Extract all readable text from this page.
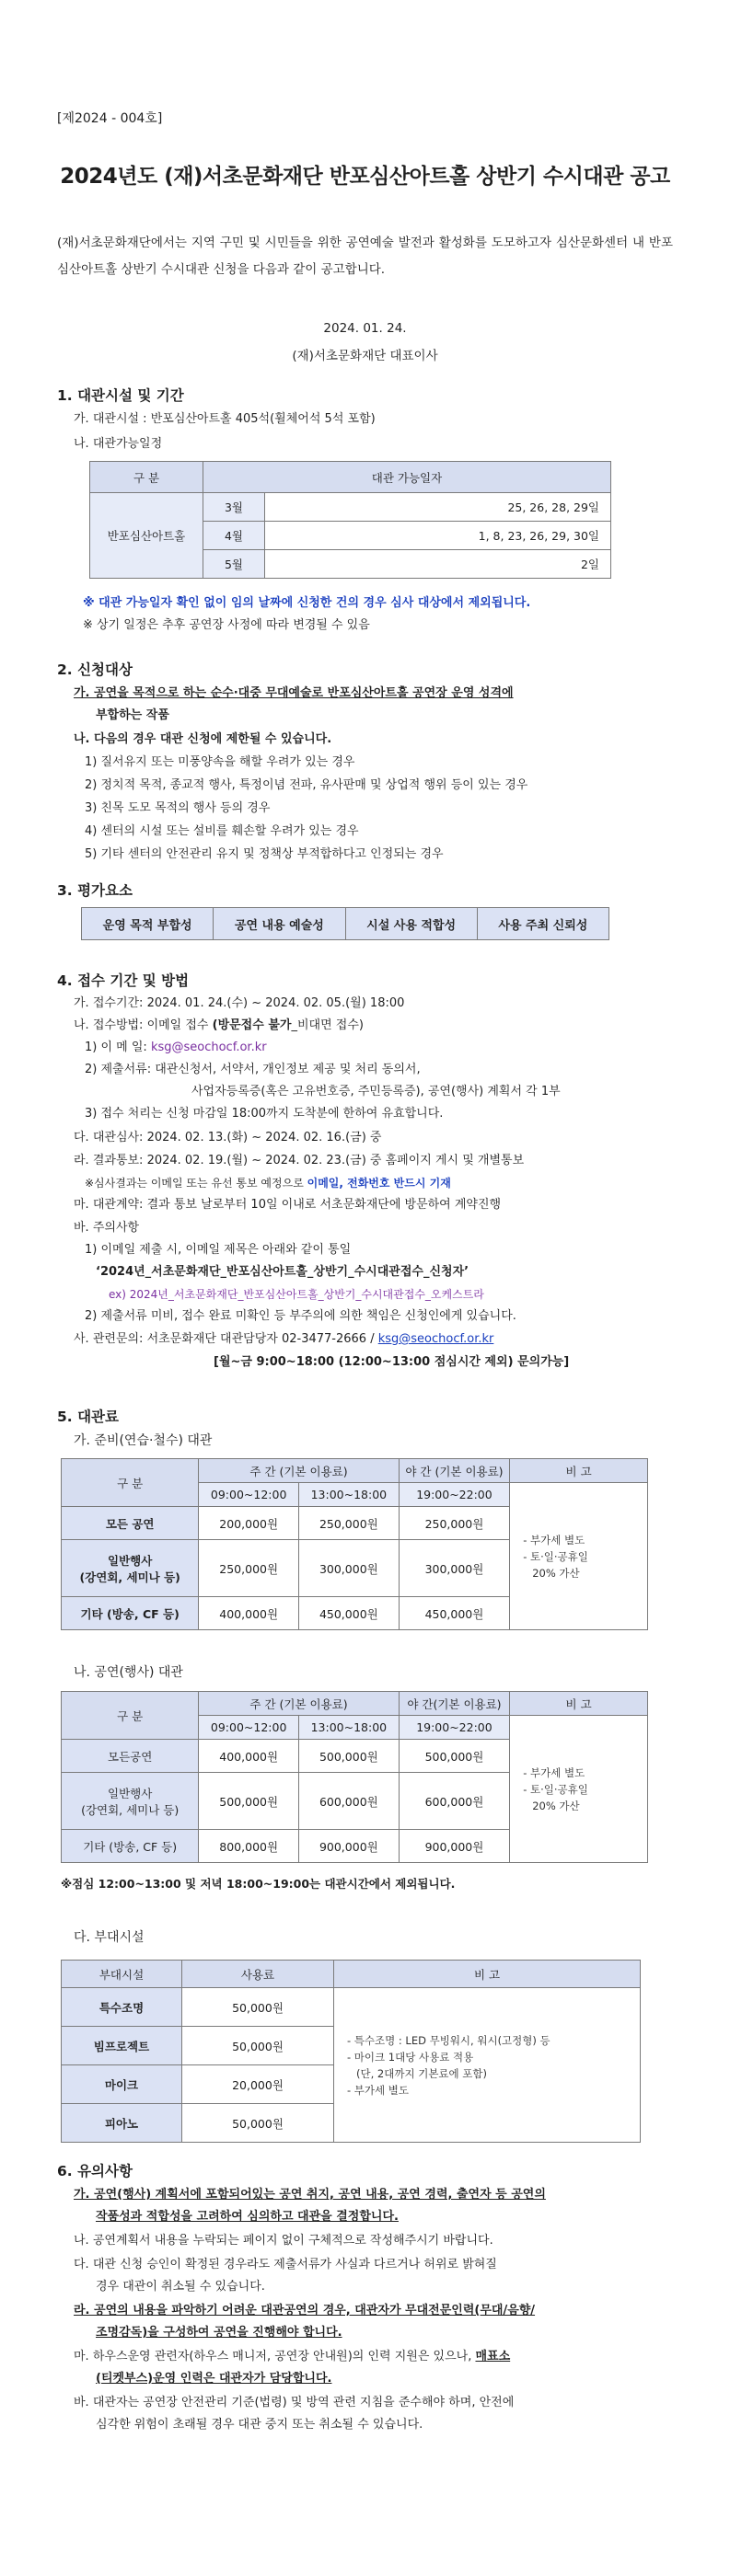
[제2024 - 004호]
2024년도 (재)서초문화재단 반포심산아트홀 상반기 수시대관 공고
(재)서초문화재단에서는 지역 구민 및 시민들을 위한 공연예술 발전과 활성화를 도모하고자 심산문화센터 내 반포심산아트홀 상반기 수시대관 신청을 다음과 같이 공고합니다.
2024. 01. 24.
(재)서초문화재단 대표이사
1. 대관시설 및 기간
가. 대관시설 : 반포심산아트홀 405석(휠체어석 5석 포함)
나. 대관가능일정
구 분	대관 가능일자	
반포심산아트홀	3월	25, 26, 28, 29일
	4월	1, 8, 23, 26, 29, 30일
	5월	2일
※ 대관 가능일자 확인 없이 임의 날짜에 신청한 건의 경우 심사 대상에서 제외됩니다.
※ 상기 일정은 추후 공연장 사정에 따라 변경될 수 있음
2. 신청대상
가. 공연을 목적으로 하는 순수·대중 무대예술로 반포심산아트홀 공연장 운영 성격에
부합하는 작품
나. 다음의 경우 대관 신청에 제한될 수 있습니다.
1) 질서유지 또는 미풍양속을 해할 우려가 있는 경우
2) 정치적 목적, 종교적 행사, 특정이념 전파, 유사판매 및 상업적 행위 등이 있는 경우
3) 친목 도모 목적의 행사 등의 경우
4) 센터의 시설 또는 설비를 훼손할 우려가 있는 경우
5) 기타 센터의 안전관리 유지 및 정책상 부적합하다고 인정되는 경우
3. 평가요소
운영 목적 부합성	공연 내용 예술성	시설 사용 적합성	사용 주최 신뢰성
4. 접수 기간 및 방법
가. 접수기간: 2024. 01. 24.(수) ~ 2024. 02. 05.(월) 18:00
나. 접수방법: 이메일 접수 (방문접수 불가_비대면 접수)
1) 이 메 일: ksg@seochocf.or.kr
2) 제출서류: 대관신청서, 서약서, 개인정보 제공 및 처리 동의서,
사업자등록증(혹은 고유번호증, 주민등록증), 공연(행사) 계획서 각 1부
3) 접수 처리는 신청 마감일 18:00까지 도착분에 한하여 유효합니다.
다. 대관심사: 2024. 02. 13.(화) ~ 2024. 02. 16.(금) 중
라. 결과통보: 2024. 02. 19.(월) ~ 2024. 02. 23.(금) 중 홈페이지 게시 및 개별통보
※심사결과는 이메일 또는 유선 통보 예정으로 이메일, 전화번호 반드시 기재
마. 대관계약: 결과 통보 날로부터 10일 이내로 서초문화재단에 방문하여 계약진행
바. 주의사항
1) 이메일 제출 시, 이메일 제목은 아래와 같이 통일
‘2024년_서초문화재단_반포심산아트홀_상반기_수시대관접수_신청자’
ex) 2024년_서초문화재단_반포심산아트홀_상반기_수시대관접수_오케스트라
2) 제출서류 미비, 접수 완료 미확인 등 부주의에 의한 책임은 신청인에게 있습니다.
사. 관련문의: 서초문화재단 대관담당자 02-3477-2666 / ksg@seochocf.or.kr
[월~금 9:00~18:00 (12:00~13:00 점심시간 제외) 문의가능]
5. 대관료
가. 준비(연습·철수) 대관
구 분	주 간 (기본 이용료)		야 간 (기본 이용료)	비 고
	09:00~12:00	13:00~18:00	19:00~22:00	- 부가세 별도
- 토·일·공휴일
20% 가산

모든 공연	200,000원	250,000원	250,000원	

일반행사
(강연회, 세미나 등)	250,000원	300,000원	300,000원	
기타 (방송, CF 등)	400,000원	450,000원	450,000원	
나. 공연(행사) 대관
구 분	주 간 (기본 이용료)		야 간(기본 이용료)	비 고
	09:00~12:00	13:00~18:00	19:00~22:00	- 부가세 별도
- 토·일·공휴일
20% 가산

모든공연	400,000원	500,000원	500,000원	

일반행사
(강연회, 세미나 등)	500,000원	600,000원	600,000원	
기타 (방송, CF 등)	800,000원	900,000원	900,000원	
※점심 12:00~13:00 및 저녁 18:00~19:00는 대관시간에서 제외됩니다.
다. 부대시설
부대시설	사용료	비 고
특수조명	50,000원	- 특수조명 : LED 무빙워시, 워시(고정형) 등
- 마이크 1대당 사용료 적용
(단, 2대까지 기본료에 포함)
- 부가세 별도

빔프로젝트	50,000원	
마이크	20,000원	
피아노	50,000원	
6. 유의사항
가. 공연(행사) 계획서에 포함되어있는 공연 취지, 공연 내용, 공연 경력, 출연자 등 공연의
작품성과 적합성을 고려하여 심의하고 대관을 결정합니다.
나. 공연계획서 내용을 누락되는 페이지 없이 구체적으로 작성해주시기 바랍니다.
다. 대관 신청 승인이 확정된 경우라도 제출서류가 사실과 다르거나 허위로 밝혀질
경우 대관이 취소될 수 있습니다.
라. 공연의 내용을 파악하기 어려운 대관공연의 경우, 대관자가 무대전문인력(무대/음향/
조명감독)을 구성하여 공연을 진행해야 합니다.
마. 하우스운영 관련자(하우스 매니저, 공연장 안내원)의 인력 지원은 있으나, 매표소
(티켓부스)운영 인력은 대관자가 담당합니다.
바. 대관자는 공연장 안전관리 기준(법령) 및 방역 관련 지침을 준수해야 하며, 안전에
심각한 위험이 초래될 경우 대관 중지 또는 취소될 수 있습니다.
